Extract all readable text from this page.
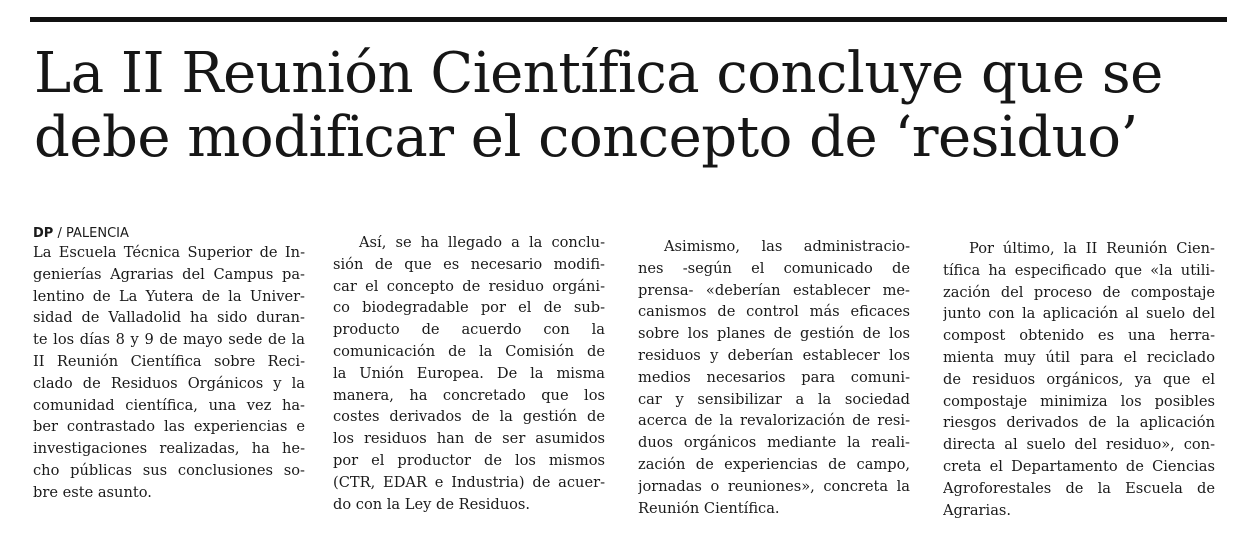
La II Reunión Científica concluye que se
debe modificar el concepto de ‘residuo’
DP / PALENCIA
La Escuela Técnica Superior de In-
genierías Agrarias del Campus pa-
lentino de La Yutera de la Univer-
sidad de Valladolid ha sido duran-
te los días 8 y 9 de mayo sede de la
II Reunión Científica sobre Reci-
clado de Residuos Orgánicos y la
comunidad científica, una vez ha-
ber contrastado las experiencias e
investigaciones realizadas, ha he-
cho públicas sus conclusiones so-
bre este asunto.
Así, se ha llegado a la conclu-
sión de que es necesario modifi-
car el concepto de residuo orgáni-
co biodegradable por el de sub-
producto de acuerdo con la
comunicación de la Comisión de
la Unión Europea. De la misma
manera, ha concretado que los
costes derivados de la gestión de
los residuos han de ser asumidos
por el productor de los mismos
(CTR, EDAR e Industria) de acuer-
do con la Ley de Residuos.
Asimismo, las administracio-
nes -según el comunicado de
prensa- «deberían establecer me-
canismos de control más eficaces
sobre los planes de gestión de los
residuos y deberían establecer los
medios necesarios para comuni-
car y sensibilizar a la sociedad
acerca de la revalorización de resi-
duos orgánicos mediante la reali-
zación de experiencias de campo,
jornadas o reuniones», concreta la
Reunión Científica.
Por último, la II Reunión Cien-
tífica ha especificado que «la utili-
zación del proceso de compostaje
junto con la aplicación al suelo del
compost obtenido es una herra-
mienta muy útil para el reciclado
de residuos orgánicos, ya que el
compostaje minimiza los posibles
riesgos derivados de la aplicación
directa al suelo del residuo», con-
creta el Departamento de Ciencias
Agroforestales de la Escuela de
Agrarias.
